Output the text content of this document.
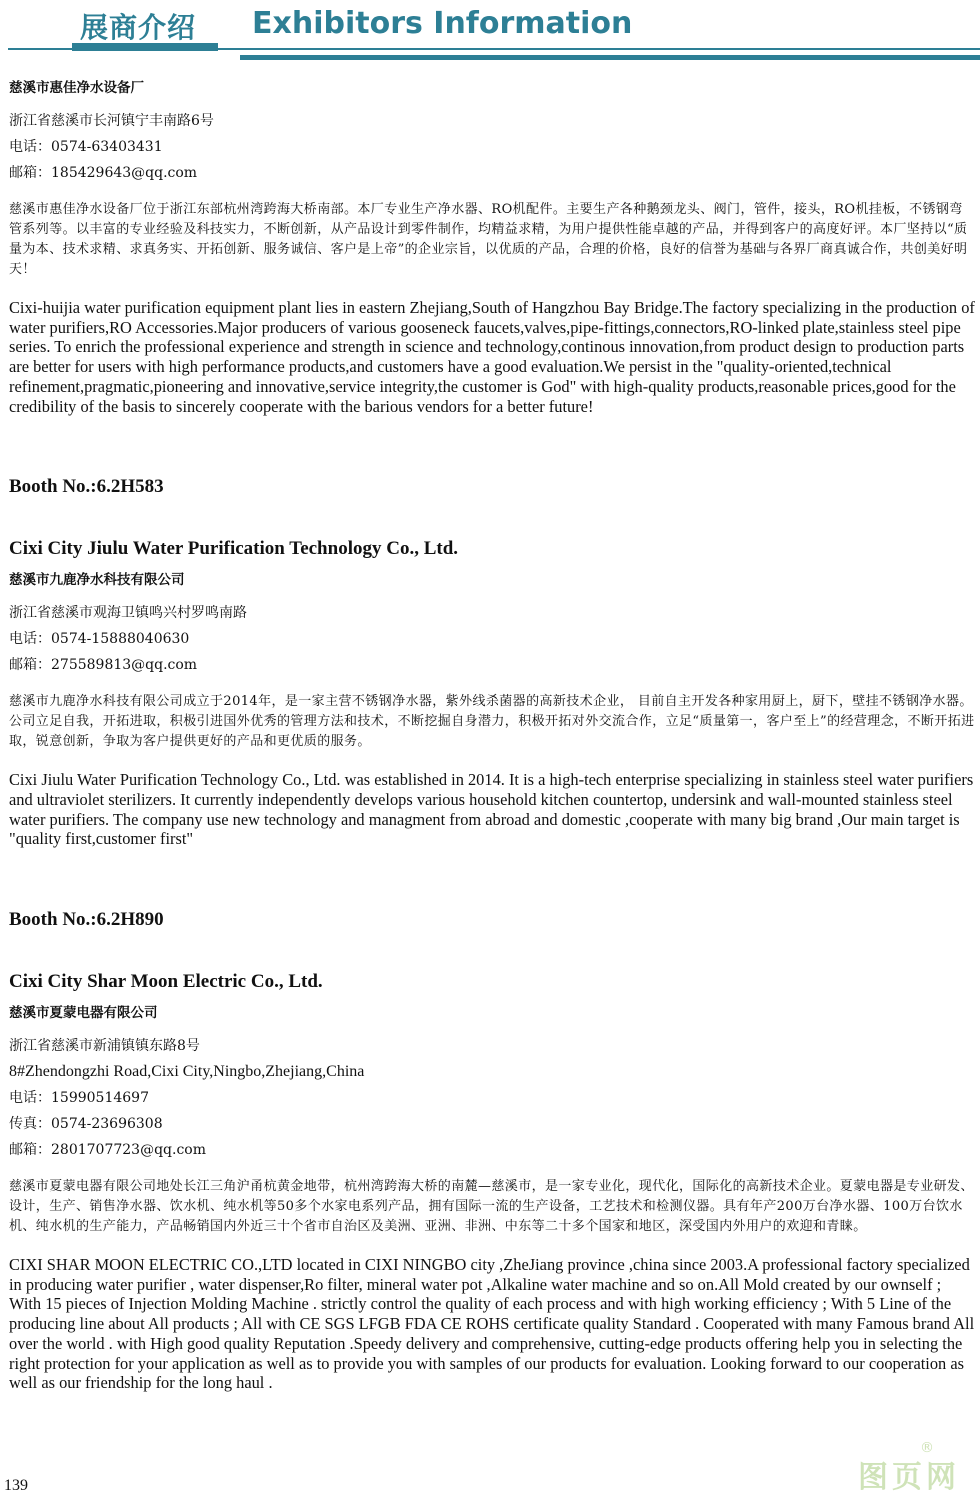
展商介绍 Exhibitors Information

慈溪市惠佳净水设备厂

浙江省慈溪市长河镇宁丰南路6号

电话：0574-63403431

邮箱：185429643@qq.com

慈溪市惠佳净水设备厂位于浙江东部杭州湾跨海大桥南部。本厂专业生产净水器、RO机配件。主要生产各种鹅颈龙头、阀门，管件，接头，RO机挂板，不锈钢弯管系列等。以丰富的专业经验及科技实力，不断创新，从产品设计到零件制作，均精益求精，为用户提供性能卓越的产品，并得到客户的高度好评。本厂坚持以“质量为本、技术求精、求真务实、开拓创新、服务诚信、客户是上帝”的企业宗旨，以优质的产品，合理的价格，良好的信誉为基础与各界厂商真诚合作，共创美好明天！

Cixi-huijia water purification equipment plant lies in eastern Zhejiang,South of Hangzhou Bay Bridge.The factory specializing in the production of water purifiers,RO Accessories.Major producers of various gooseneck faucets,valves,pipe-fittings,connectors,RO-linked plate,stainless steel pipe series. To enrich the professional experience and strength in science and technology,continous innovation,from product design to production parts are better for users with high performance products,and customers have a good evaluation.We persist in the "quality-oriented,technical refinement,pragmatic,pioneering and innovative,service integrity,the customer is God" with high-quality products,reasonable prices,good for the credibility of the basis to sincerely cooperate with the barious vendors for a better future!

Booth No.:6.2H583

Cixi City Jiulu Water Purification Technology Co., Ltd.

慈溪市九鹿净水科技有限公司

浙江省慈溪市观海卫镇鸣兴村罗鸣南路

电话：0574-15888040630

邮箱：275589813@qq.com

慈溪市九鹿净水科技有限公司成立于2014年，是一家主营不锈钢净水器，紫外线杀菌器的高新技术企业， 目前自主开发各种家用厨上，厨下，壁挂不锈钢净水器。公司立足自我，开拓进取，积极引进国外优秀的管理方法和技术，不断挖掘自身潜力，积极开拓对外交流合作，立足“质量第一，客户至上”的经营理念，不断开拓进取，锐意创新，争取为客户提供更好的产品和更优质的服务。

Cixi Jiulu Water Purification Technology Co., Ltd. was established in 2014. It is a high-tech enterprise specializing in stainless steel water purifiers and ultraviolet sterilizers. It currently independently develops various household kitchen countertop, undersink and wall-mounted stainless steel water purifiers. The company use new technology and managment from abroad and domestic ,cooperate with many big brand ,Our main target is "quality first,customer first"

Booth No.:6.2H890

Cixi City Shar Moon Electric Co., Ltd.

慈溪市夏蒙电器有限公司

浙江省慈溪市新浦镇镇东路8号

8#Zhendongzhi Road,Cixi City,Ningbo,Zhejiang,China

电话：15990514697

传真：0574-23696308

邮箱：2801707723@qq.com

慈溪市夏蒙电器有限公司地处长江三角沪甬杭黄金地带，杭州湾跨海大桥的南麓—慈溪市，是一家专业化，现代化，国际化的高新技术企业。夏蒙电器是专业研发、设计，生产、销售净水器、饮水机、纯水机等50多个水家电系列产品，拥有国际一流的生产设备，工艺技术和检测仪器。具有年产200万台净水器、100万台饮水机、纯水机的生产能力，产品畅销国内外近三十个省市自治区及美洲、亚洲、非洲、中东等二十多个国家和地区，深受国内外用户的欢迎和青睐。

CIXI SHAR MOON ELECTRIC CO.,LTD located in CIXI NINGBO city ,ZheJiang province ,china since 2003.A professional factory specialized in producing water purifier , water dispenser,Ro filter, mineral water pot ,Alkaline water machine and so on.All Mold created by our ownself ; With 15 pieces of Injection Molding Machine . strictly control the quality of each process and with high working efficiency ; With 5 Line of the producing line about All products ; All with CE SGS LFGB FDA CE ROHS certificate quality Standard . Cooperated with many Famous brand All over the world . with High good quality Reputation .Speedy delivery and comprehensive, cutting-edge products offering help you in selecting the right protection for your application as well as to provide you with samples of our products for evaluation. Looking forward to our cooperation as well as our friendship for the long haul .

139	图页网
®
